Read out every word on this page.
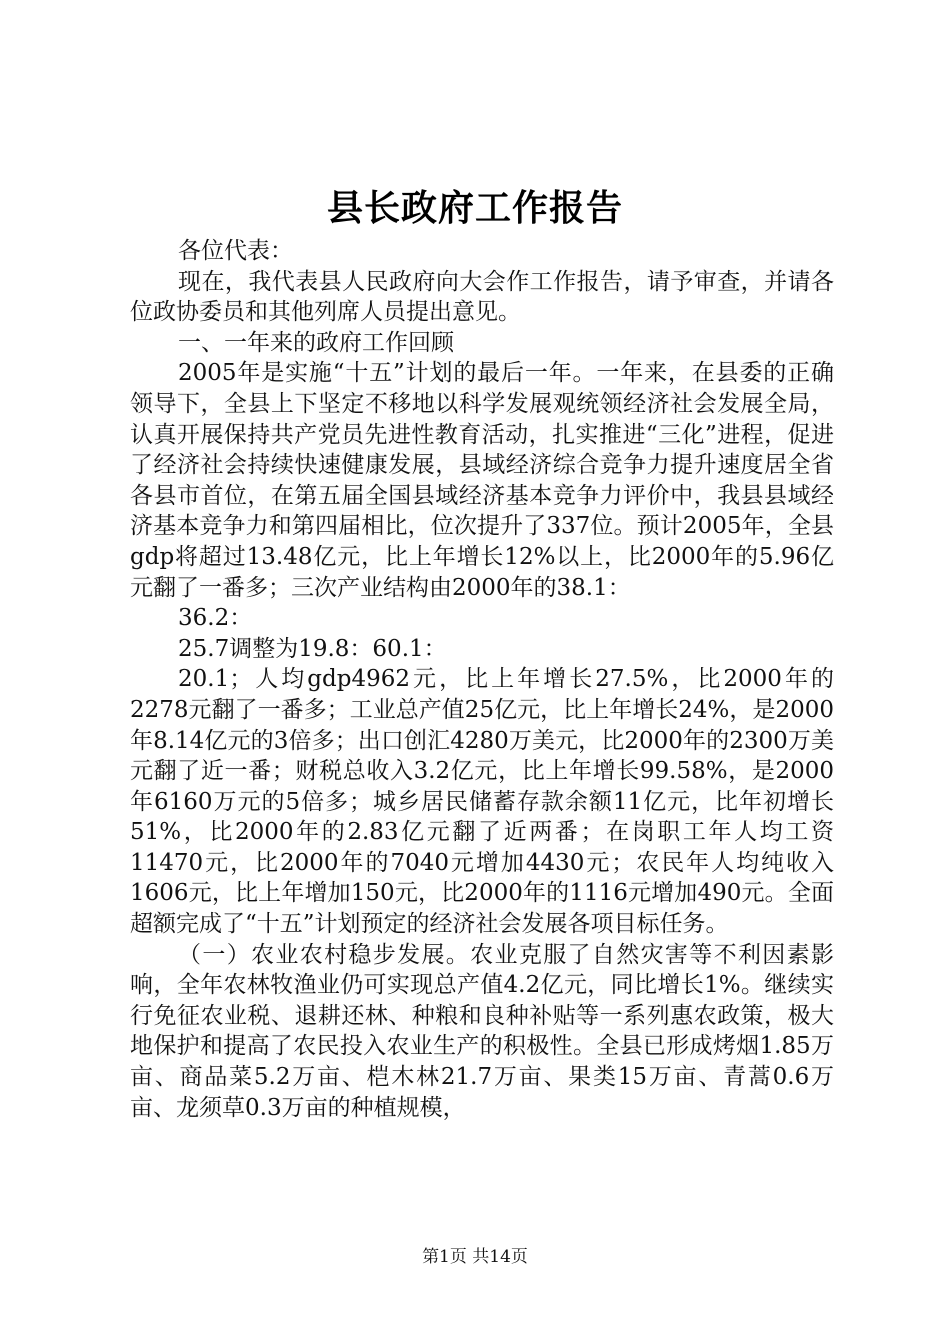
县长政府工作报告

各位代表：

现在，我代表县人民政府向大会作工作报告，请予审查，并请各位政协委员和其他列席人员提出意见。

一、一年来的政府工作回顾

2005年是实施“十五”计划的最后一年。一年来，在县委的正确领导下，全县上下坚定不移地以科学发展观统领经济社会发展全局，认真开展保持共产党员先进性教育活动，扎实推进“三化”进程，促进了经济社会持续快速健康发展，县域经济综合竞争力提升速度居全省各县市首位，在第五届全国县域经济基本竞争力评价中，我县县域经济基本竞争力和第四届相比，位次提升了337位。预计2005年，全县gdp将超过13.48亿元，比上年增长12%以上，比2000年的5.96亿元翻了一番多；三次产业结构由2000年的38.1：

36.2：

25.7调整为19.8：60.1：

20.1；人均gdp4962元，比上年增长27.5%，比2000年的2278元翻了一番多；工业总产值25亿元，比上年增长24%，是2000年8.14亿元的3倍多；出口创汇4280万美元，比2000年的2300万美元翻了近一番；财税总收入3.2亿元，比上年增长99.58%，是2000年6160万元的5倍多；城乡居民储蓄存款余额11亿元，比年初增长51%，比2000年的2.83亿元翻了近两番；在岗职工年人均工资11470元，比2000年的7040元增加4430元；农民年人均纯收入1606元，比上年增加150元，比2000年的1116元增加490元。全面超额完成了“十五”计划预定的经济社会发展各项目标任务。

（一）农业农村稳步发展。农业克服了自然灾害等不利因素影响，全年农林牧渔业仍可实现总产值4.2亿元，同比增长1%。继续实行免征农业税、退耕还林、种粮和良种补贴等一系列惠农政策，极大地保护和提高了农民投入农业生产的积极性。全县已形成烤烟1.85万亩、商品菜5.2万亩、桤木林21.7万亩、果类15万亩、青蒿0.6万亩、龙须草0.3万亩的种植规模，

第1页 共14页
